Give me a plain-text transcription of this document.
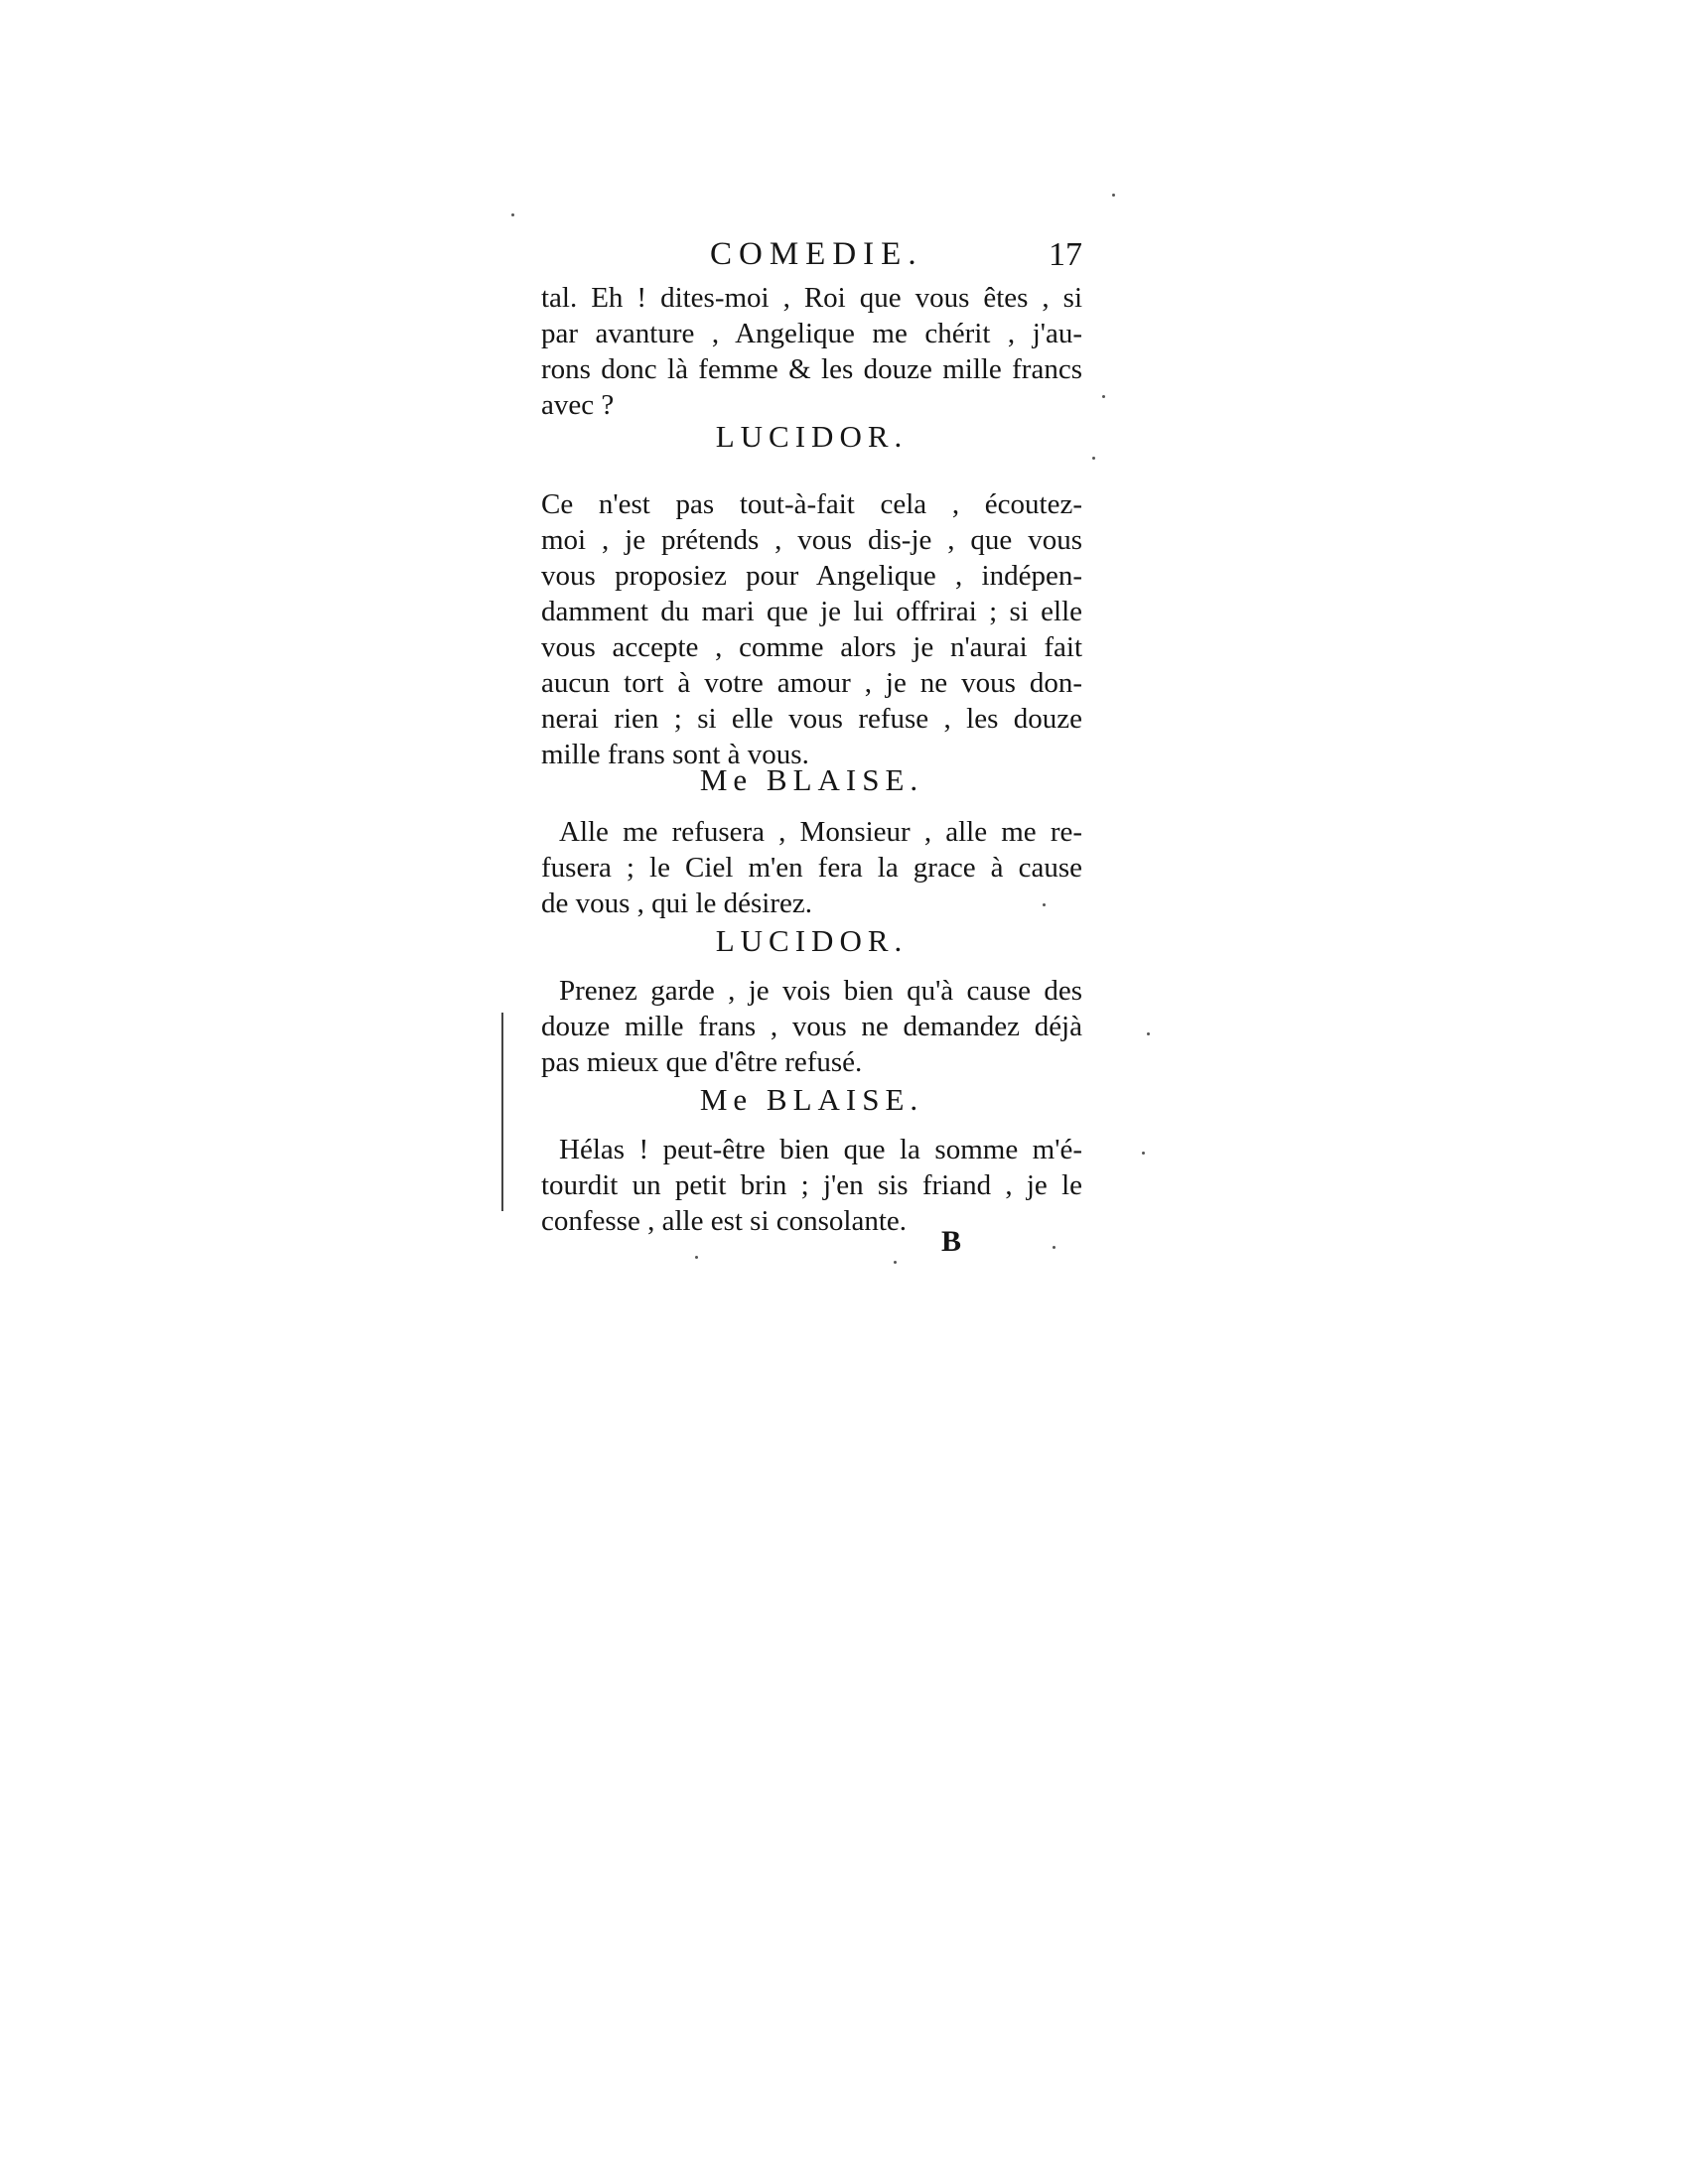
COMEDIE.	17
tal. Eh ! dites-moi , Roi que vous êtes , si
par avanture , Angelique me chérit , j'au-
rons donc là femme & les douze mille francs
avec ?
LUCIDOR.
Ce n'est pas tout-à-fait cela , écoutez-
moi , je prétends , vous dis-je , que vous
vous proposiez pour Angelique , indépen-
damment du mari que je lui offrirai ; si elle
vous accepte , comme alors je n'aurai fait
aucun tort à votre amour , je ne vous don-
nerai rien ; si elle vous refuse , les douze
mille frans sont à vous.
Me BLAISE.
Alle me refusera , Monsieur , alle me re-
fusera ; le Ciel m'en fera la grace à cause
de vous , qui le désirez.
LUCIDOR.
Prenez garde , je vois bien qu'à cause des
douze mille frans , vous ne demandez déjà
pas mieux que d'être refusé.
Me BLAISE.
Hélas ! peut-être bien que la somme m'é-
tourdit un petit brin ; j'en sis friand , je le
confesse , alle est si consolante.
B
